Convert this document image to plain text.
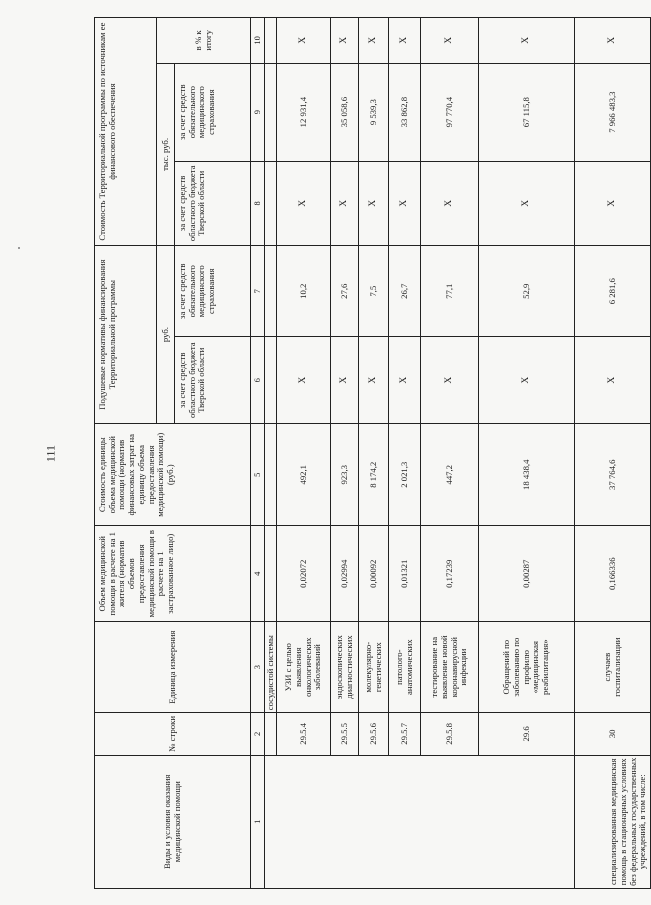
111
Виды и условия оказания медицинской помощи	№ строки	Единица измерения	Объем медицинской помощи в расчете на 1 жителя (норматив объемов предоставления медицинской помощи в расчете на 1 застрахованное лицо)	Стоимость единицы объема медицинской помощи (норматив финансовых затрат на единицу объема предоставления медицинской помощи) (руб.)	Подушевые нормативы финансирования Территориальной программы		Стоимость Территориальной программы по источникам ее финансового обеспечения		
					руб.		тыс. руб.		в % к итогу
					за счет средств областного бюджета Тверской области	за счет средств обязательного медицинского страхования	за счет средств областного бюджета Тверской области	за счет средств обязательного медицинского страхования	
1	2	3	4	5	6	7	8	9	10
		сосудистой системы							
	29.5.4	УЗИ с целью выявления онкологических заболеваний	0,02072	492,1	X	10,2	X	12 931,4	X
	29.5.5	эндоскопических диагностических	0,02994	923,3	X	27,6	X	35 058,6	X
	29.5.6	молекулярно-генетических	0,00092	8 174,2	X	7,5	X	9 539,3	X
	29.5.7	патолого-анатомических	0,01321	2 021,3	X	26,7	X	33 862,8	X
	29.5.8	тестирование на выявление новой коронавирусной инфекции	0,17239	447,2	X	77,1	X	97 770,4	X
	29.6	Обращений по заболеванию по профилю «медицинская реабилитация»	0,00287	18 438,4	X	52,9	X	67 115,8	X
специализированная медицинская помощь в стационарных условиях без федеральных государственных учреждений, в том числе:	30	случаев госпитализации	0,166336	37 764,6	X	6 281,6	X	7 966 483,3	X
